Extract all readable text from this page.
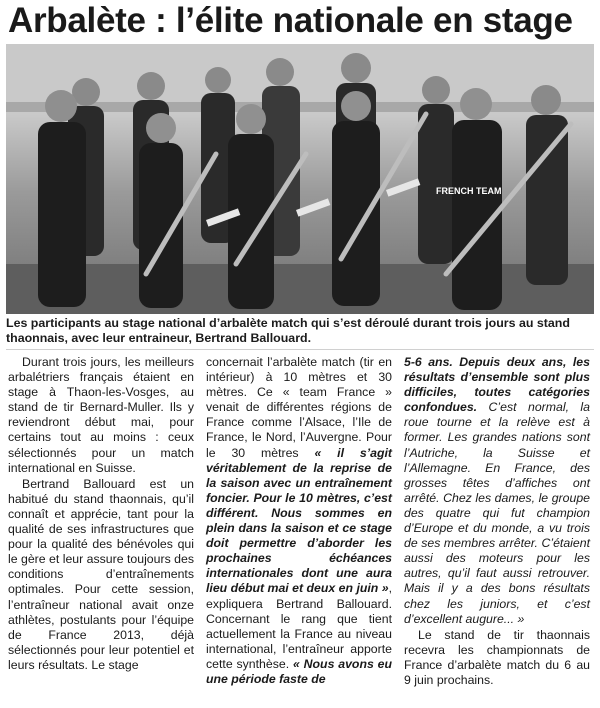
Arbalète : l’élite nationale en stage
FRENCH TEAM
Les participants au stage national d’arbalète match qui s’est déroulé durant trois jours au stand thaonnais, avec leur entraineur, Bertrand Ballouard.

Durant trois jours, les meilleurs arbalétriers français étaient en stage à Thaon-les-Vosges, au stand de tir Bernard-Muller. Ils y reviendront début mai, pour certains tout au moins : ceux sélectionnés pour un match international en Suisse.

Bertrand Ballouard est un habitué du stand thaonnais, qu’il connaît et apprécie, tant pour la qualité de ses infrastructures que pour la qualité des bénévoles qui le gère et leur assure toujours des conditions d’entraînements optimales. Pour cette session, l’entraîneur national avait onze athlètes, postulants pour l’équipe de France 2013, déjà sélectionnés pour leur potentiel et leurs résultats. Le stage

concernait l’arbalète match (tir en intérieur) à 10 mètres et 30 mètres. Ce « team France » venait de différentes régions de France comme l’Alsace, l’Ile de France, le Nord, l’Auvergne. Pour le 30 mètres « il s’agit véritablement de la reprise de la saison avec un entraînement foncier. Pour le 10 mètres, c’est différent. Nous sommes en plein dans la saison et ce stage doit permettre d’aborder les prochaines échéances internationales dont une aura lieu début mai et deux en juin », expliquera Bertrand Ballouard. Concernant le rang que tient actuellement la France au niveau international, l’entraîneur apporte cette synthèse. « Nous avons eu une période faste de

5-6 ans. Depuis deux ans, les résultats d’ensemble sont plus difficiles, toutes catégories confondues. C’est normal, la roue tourne et la relève est à former. Les grandes nations sont l’Autriche, la Suisse et l’Allemagne. En France, des grosses têtes d’affiches ont arrêté. Chez les dames, le groupe des quatre qui fut champion d’Europe et du monde, a vu trois de ses membres arrêter. C’étaient aussi des moteurs pour les autres, qu’il faut aussi retrouver. Mais il y a des bons résultats chez les juniors, et c’est d’excellent augure... »

Le stand de tir thaonnais recevra les championnats de France d’arbalète match du 6 au 9 juin prochains.
